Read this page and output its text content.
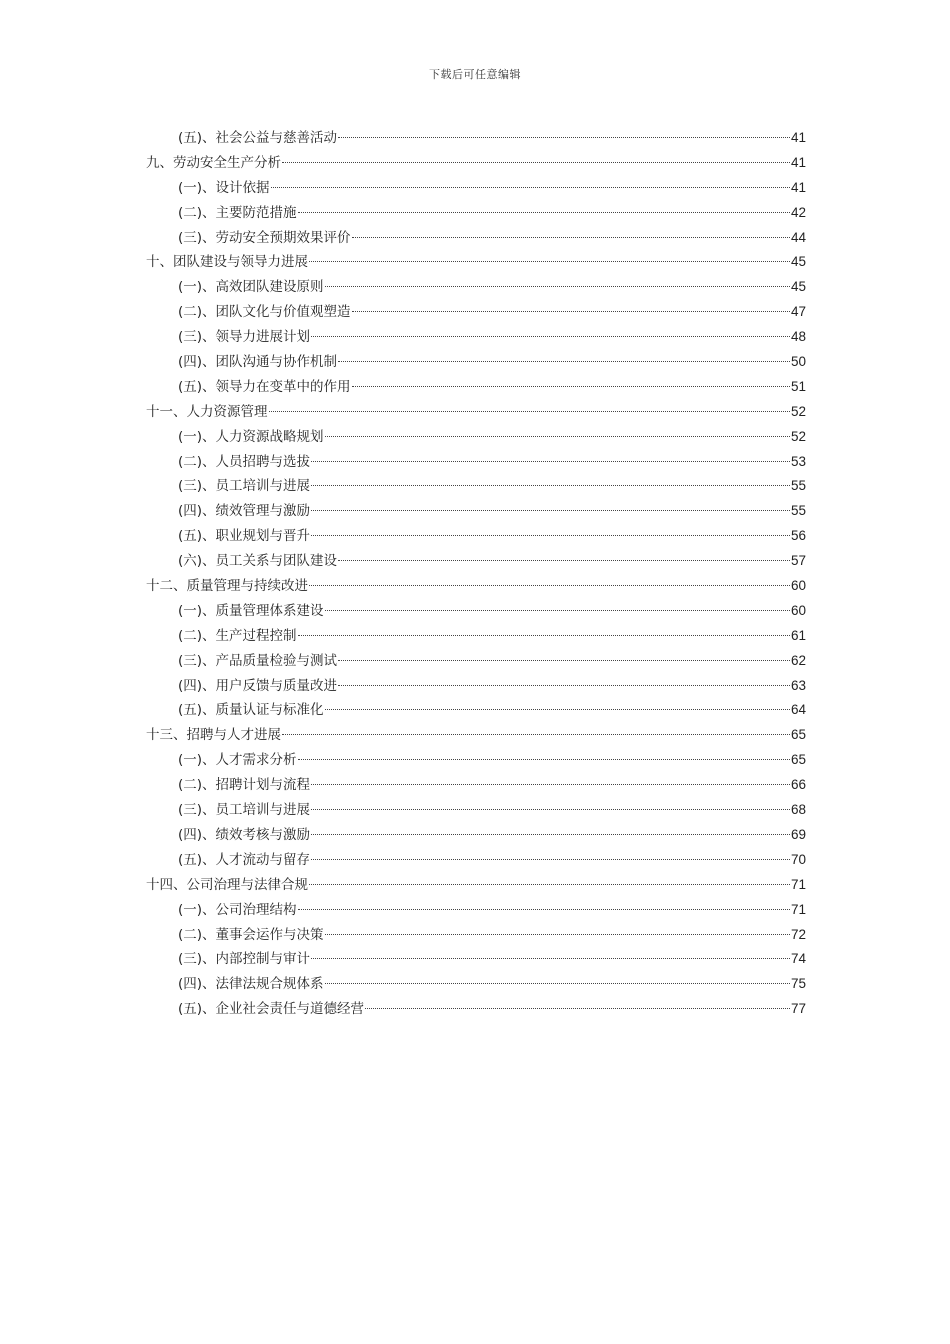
下载后可任意编辑
(五)、社会公益与慈善活动	41
九、劳动安全生产分析	41
(一)、设计依据	41
(二)、主要防范措施	42
(三)、劳动安全预期效果评价	44
十、团队建设与领导力进展	45
(一)、高效团队建设原则	45
(二)、团队文化与价值观塑造	47
(三)、领导力进展计划	48
(四)、团队沟通与协作机制	50
(五)、领导力在变革中的作用	51
十一、人力资源管理	52
(一)、人力资源战略规划	52
(二)、人员招聘与选拔	53
(三)、员工培训与进展	55
(四)、绩效管理与激励	55
(五)、职业规划与晋升	56
(六)、员工关系与团队建设	57
十二、质量管理与持续改进	60
(一)、质量管理体系建设	60
(二)、生产过程控制	61
(三)、产品质量检验与测试	62
(四)、用户反馈与质量改进	63
(五)、质量认证与标准化	64
十三、招聘与人才进展	65
(一)、人才需求分析	65
(二)、招聘计划与流程	66
(三)、员工培训与进展	68
(四)、绩效考核与激励	69
(五)、人才流动与留存	70
十四、公司治理与法律合规	71
(一)、公司治理结构	71
(二)、董事会运作与决策	72
(三)、内部控制与审计	74
(四)、法律法规合规体系	75
(五)、企业社会责任与道德经营	77
